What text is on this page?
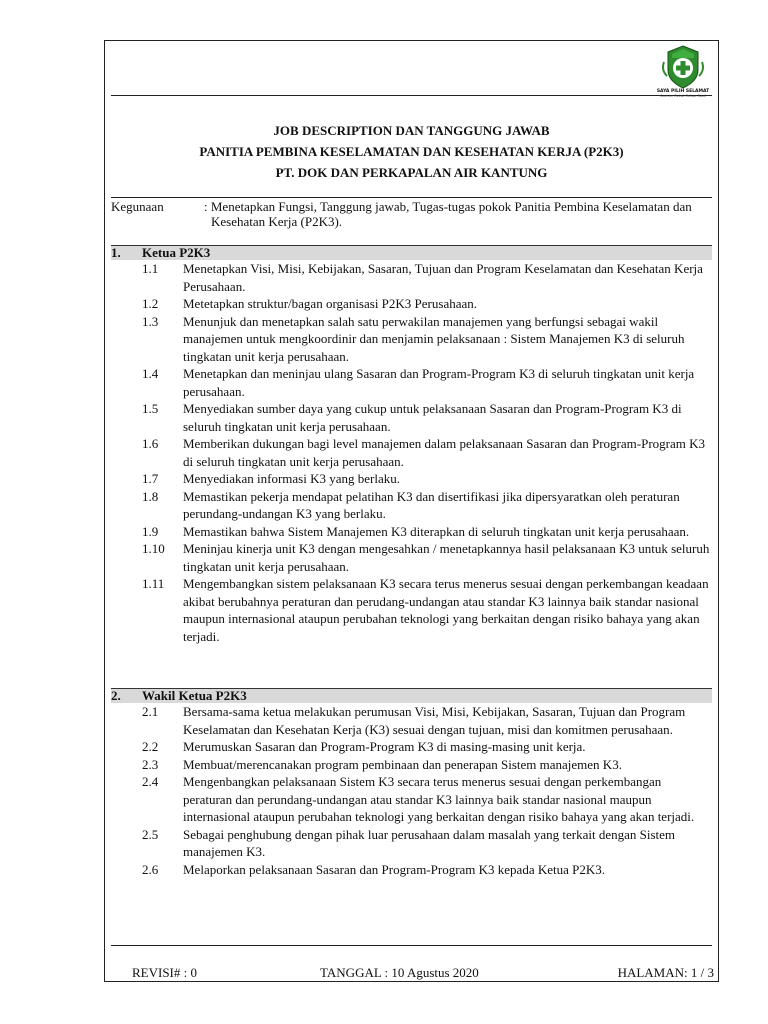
SAYA PILIH SELAMAT
Amrum Cekat Cekap Sosil
JOB DESCRIPTION DAN TANGGUNG JAWAB
PANITIA PEMBINA KESELAMATAN DAN KESEHATAN KERJA (P2K3)
PT. DOK DAN PERKAPALAN AIR KANTUNG
Kegunaan	: Menetapkan Fungsi, Tanggung jawab, Tugas-tugas pokok Panitia Pembina Keselamatan dan Kesehatan Kerja (P2K3).
1. Ketua P2K3
1.1 Menetapkan Visi, Misi, Kebijakan, Sasaran, Tujuan dan Program Keselamatan dan Kesehatan Kerja Perusahaan.
1.2 Metetapkan struktur/bagan organisasi P2K3 Perusahaan.
1.3 Menunjuk dan menetapkan salah satu perwakilan manajemen yang berfungsi sebagai wakil manajemen untuk mengkoordinir dan menjamin pelaksanaan : Sistem Manajemen K3 di seluruh tingkatan unit kerja perusahaan.
1.4 Menetapkan dan meninjau ulang Sasaran dan Program-Program K3 di seluruh tingkatan unit kerja perusahaan.
1.5 Menyediakan sumber daya yang cukup untuk pelaksanaan Sasaran dan Program-Program K3 di seluruh tingkatan unit kerja perusahaan.
1.6 Memberikan dukungan bagi level manajemen dalam pelaksanaan Sasaran dan Program-Program K3 di seluruh tingkatan unit kerja perusahaan.
1.7 Menyediakan informasi K3 yang berlaku.
1.8 Memastikan pekerja mendapat pelatihan K3 dan disertifikasi jika dipersyaratkan oleh peraturan perundang-undangan K3 yang berlaku.
1.9 Memastikan bahwa Sistem Manajemen K3 diterapkan di seluruh tingkatan unit kerja perusahaan.
1.10 Meninjau kinerja unit K3 dengan mengesahkan / menetapkannya hasil pelaksanaan K3 untuk seluruh tingkatan unit kerja perusahaan.
1.11 Mengembangkan sistem pelaksanaan K3 secara terus menerus sesuai dengan perkembangan keadaan akibat berubahnya peraturan dan perudang-undangan atau standar K3 lainnya baik standar nasional maupun internasional ataupun perubahan teknologi yang berkaitan dengan risiko bahaya yang akan terjadi.
2. Wakil Ketua P2K3
2.1 Bersama-sama ketua melakukan perumusan Visi, Misi, Kebijakan, Sasaran, Tujuan dan Program Keselamatan dan Kesehatan Kerja (K3) sesuai dengan tujuan, misi dan komitmen perusahaan.
2.2 Merumuskan Sasaran dan Program-Program K3 di masing-masing unit kerja.
2.3 Membuat/merencanakan program pembinaan dan penerapan Sistem manajemen K3.
2.4 Mengenbangkan pelaksanaan Sistem K3 secara terus menerus sesuai dengan perkembangan peraturan dan perundang-undangan atau standar K3 lainnya baik standar nasional maupun internasional ataupun perubahan teknologi yang berkaitan dengan risiko bahaya yang akan terjadi.
2.5 Sebagai penghubung dengan pihak luar perusahaan dalam masalah yang terkait dengan Sistem manajemen K3.
2.6 Melaporkan pelaksanaan Sasaran dan Program-Program K3 kepada Ketua P2K3.
REVISI# : 0	TANGGAL : 10 Agustus 2020	HALAMAN: 1 / 3
